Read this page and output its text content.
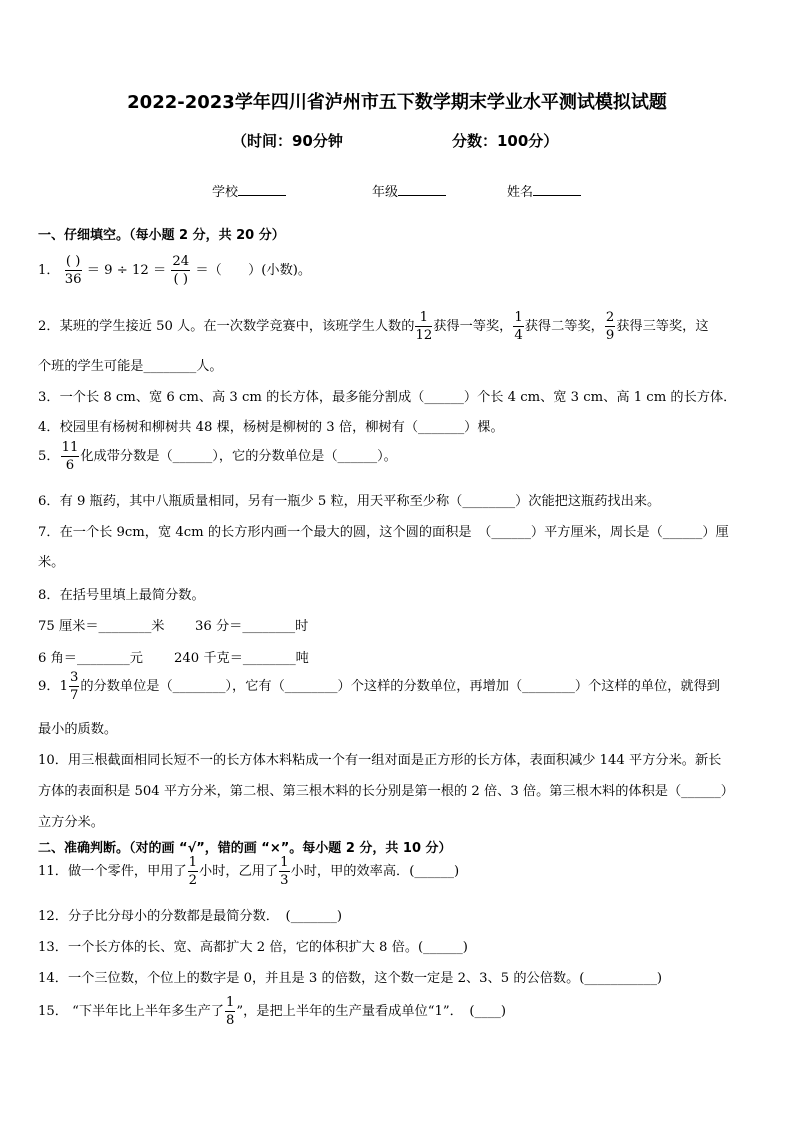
2022-2023学年四川省泸州市五下数学期末学业水平测试模拟试题
（时间：90分钟	分数：100分）
学校	年级	姓名
一、仔细填空。（每小题 2 分，共 20 分）
1． $\frac{( )}{36} = 9 \div 12 = \frac{24}{( )}$ ＝（　　）(小数)。
2．某班的学生接近 50 人。在一次数学竞赛中，该班学生人数的 $\frac{1}{12}$ 获得一等奖， $\frac{1}{4}$ 获得二等奖， $\frac{2}{9}$ 获得三等奖，这
个班的学生可能是________人。
3．一个长 8 cm、宽 6 cm、高 3 cm 的长方体，最多能分割成（______）个长 4 cm、宽 3 cm、高 1 cm 的长方体．
4．校园里有杨树和柳树共 48 棵，杨树是柳树的 3 倍，柳树有（_______）棵。
5． $\frac{11}{6}$ 化成带分数是（______），它的分数单位是（______）。
6．有 9 瓶药，其中八瓶质量相同，另有一瓶少 5 粒，用天平称至少称（________）次能把这瓶药找出来。
7．在一个长 9cm，宽 4cm 的长方形内画一个最大的圆，这个圆的面积是　（______）平方厘米，周长是（______）厘
米。
8．在括号里填上最简分数。
75 厘米＝________米 36 分＝________时
6 角＝________元 240 千克＝________吨
9．$1 \frac{3}{7}$ 的分数单位是（________），它有（________）个这样的分数单位，再增加（________）个这样的单位，就得到
最小的质数。
10．用三根截面相同长短不一的长方体木料粘成一个有一组对面是正方形的长方体，表面积减少 144 平方分米。新长
方体的表面积是 504 平方分米，第二根、第三根木料的长分别是第一根的 2 倍、3 倍。第三根木料的体积是（______）
立方分米。
二、准确判断。（对的画 “√”，错的画 “×”。每小题 2 分，共 10 分）
11．做一个零件，甲用了 $\frac{1}{2}$ 小时，乙用了 $\frac{1}{3}$ 小时，甲的效率高．(______)
12．分子比分母小的分数都是最简分数．　(_______)
13．一个长方体的长、宽、高都扩大 2 倍，它的体积扩大 8 倍。(______)
14．一个三位数，个位上的数字是 0，并且是 3 的倍数，这个数一定是 2、3、5 的公倍数。(___________)
15． “下半年比上半年多生产了 $\frac{1}{8}$ ”，是把上半年的生产量看成单位“1”．　(____)
